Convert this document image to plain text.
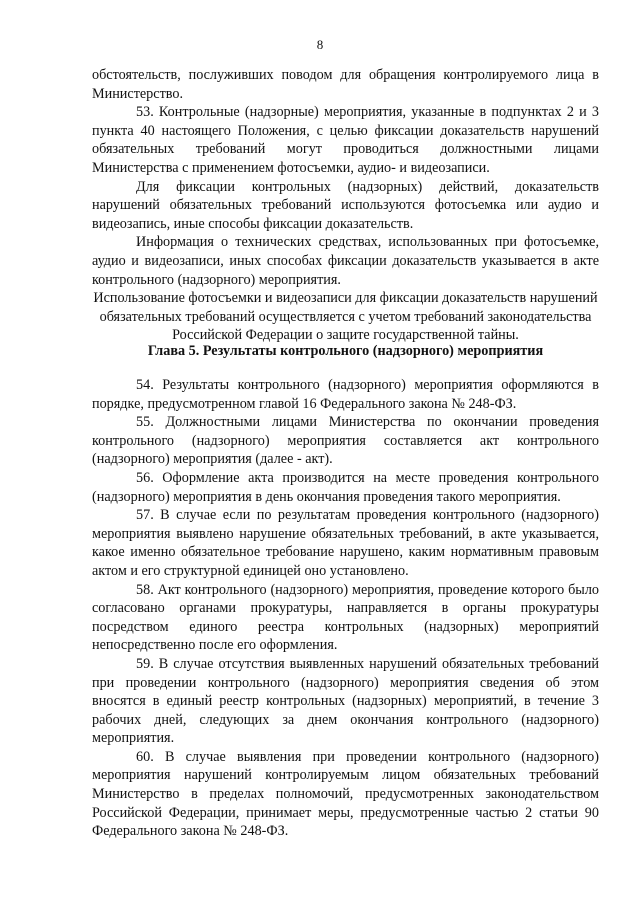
8

обстоятельств, послуживших поводом для обращения контролируемого лица в Министерство.

53. Контрольные (надзорные) мероприятия, указанные в подпунктах 2 и 3 пункта 40 настоящего Положения, с целью фиксации доказательств нарушений обязательных требований могут проводиться должностными лицами Министерства с применением фотосъемки, аудио- и видеозаписи.

Для фиксации контрольных (надзорных) действий, доказательств нарушений обязательных требований используются фотосъемка или аудио и видеозапись, иные способы фиксации доказательств.

Информация о технических средствах, использованных при фотосъемке, аудио и видеозаписи, иных способах фиксации доказательств указывается в акте контрольного (надзорного) мероприятия.

Использование фотосъемки и видеозаписи для фиксации доказательств нарушений обязательных требований осуществляется с учетом требований законодательства Российской Федерации о защите государственной тайны.

Глава 5. Результаты контрольного (надзорного) мероприятия

54. Результаты контрольного (надзорного) мероприятия оформляются в порядке, предусмотренном главой 16 Федерального закона № 248-ФЗ.

55. Должностными лицами Министерства по окончании проведения контрольного (надзорного) мероприятия составляется акт контрольного (надзорного) мероприятия (далее - акт).

56. Оформление акта производится на месте проведения контрольного (надзорного) мероприятия в день окончания проведения такого мероприятия.

57. В случае если по результатам проведения контрольного (надзорного) мероприятия выявлено нарушение обязательных требований, в акте указывается, какое именно обязательное требование нарушено, каким нормативным правовым актом и его структурной единицей оно установлено.

58. Акт контрольного (надзорного) мероприятия, проведение которого было согласовано органами прокуратуры, направляется в органы прокуратуры посредством единого реестра контрольных (надзорных) мероприятий непосредственно после его оформления.

59. В случае отсутствия выявленных нарушений обязательных требований при проведении контрольного (надзорного) мероприятия сведения об этом вносятся в единый реестр контрольных (надзорных) мероприятий, в течение 3 рабочих дней, следующих за днем окончания контрольного (надзорного) мероприятия.

60. В случае выявления при проведении контрольного (надзорного) мероприятия нарушений контролируемым лицом обязательных требований Министерство в пределах полномочий, предусмотренных законодательством Российской Федерации, принимает меры, предусмотренные частью 2 статьи 90 Федерального закона № 248-ФЗ.
